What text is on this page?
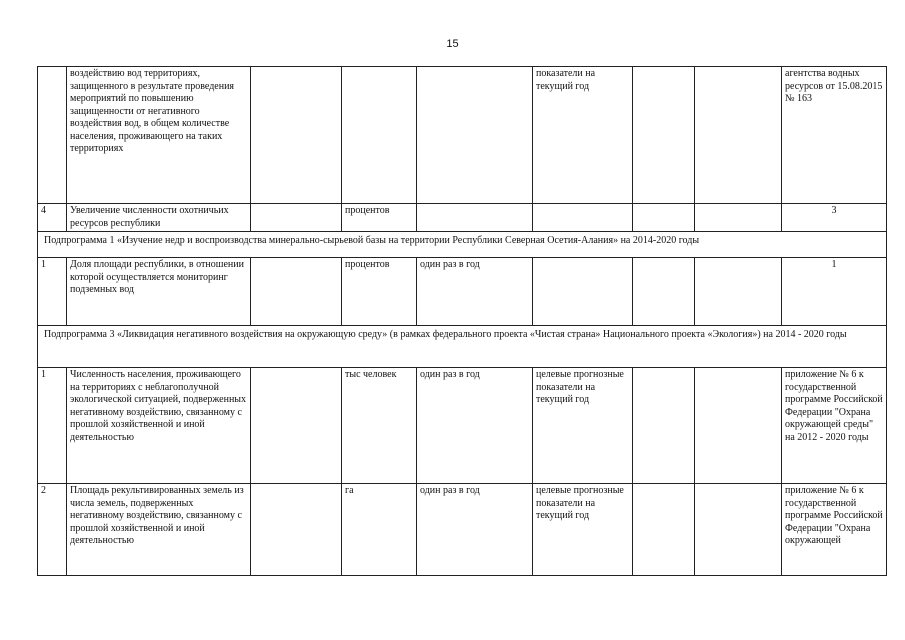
15
	воздействию вод территориях, защищенного в результате проведения мероприятий по повышению защищенности от негативного воздействия вод, в общем количестве населения, проживающего на таких территориях				показатели на текущий год			агентства водных ресурсов от 15.08.2015
№ 163
4	Увеличение численности охотничьих ресурсов республики		процентов					3
Подпрограмма 1 «Изучение недр и воспроизводства минерально-сырьевой базы на территории Республики Северная Осетия-Алания» на 2014-2020 годы								
1	Доля площади республики, в отношении которой осуществляется мониторинг подземных вод		процентов	один раз в год				1
Подпрограмма 3 «Ликвидация негативного воздействия на окружающую среду» (в рамках федерального проекта «Чистая страна» Национального проекта «Экология») на 2014 - 2020 годы								
1	Численность населения, проживающего на территориях с неблагополучной экологической ситуацией, подверженных негативному воздействию, связанному с прошлой хозяйственной и иной деятельностью		тыс человек	один раз в год	целевые прогнозные показатели на текущий год			приложение № 6 к государственной программе Российской Федерации "Охрана окружающей среды" на 2012 - 2020 годы
2	Площадь рекультивированных земель из числа земель, подверженных негативному воздействию, связанному с прошлой хозяйственной и иной деятельностью		га	один раз в год	целевые прогнозные показатели на текущий год			приложение № 6 к государственной программе Российской Федерации "Охрана окружающей
